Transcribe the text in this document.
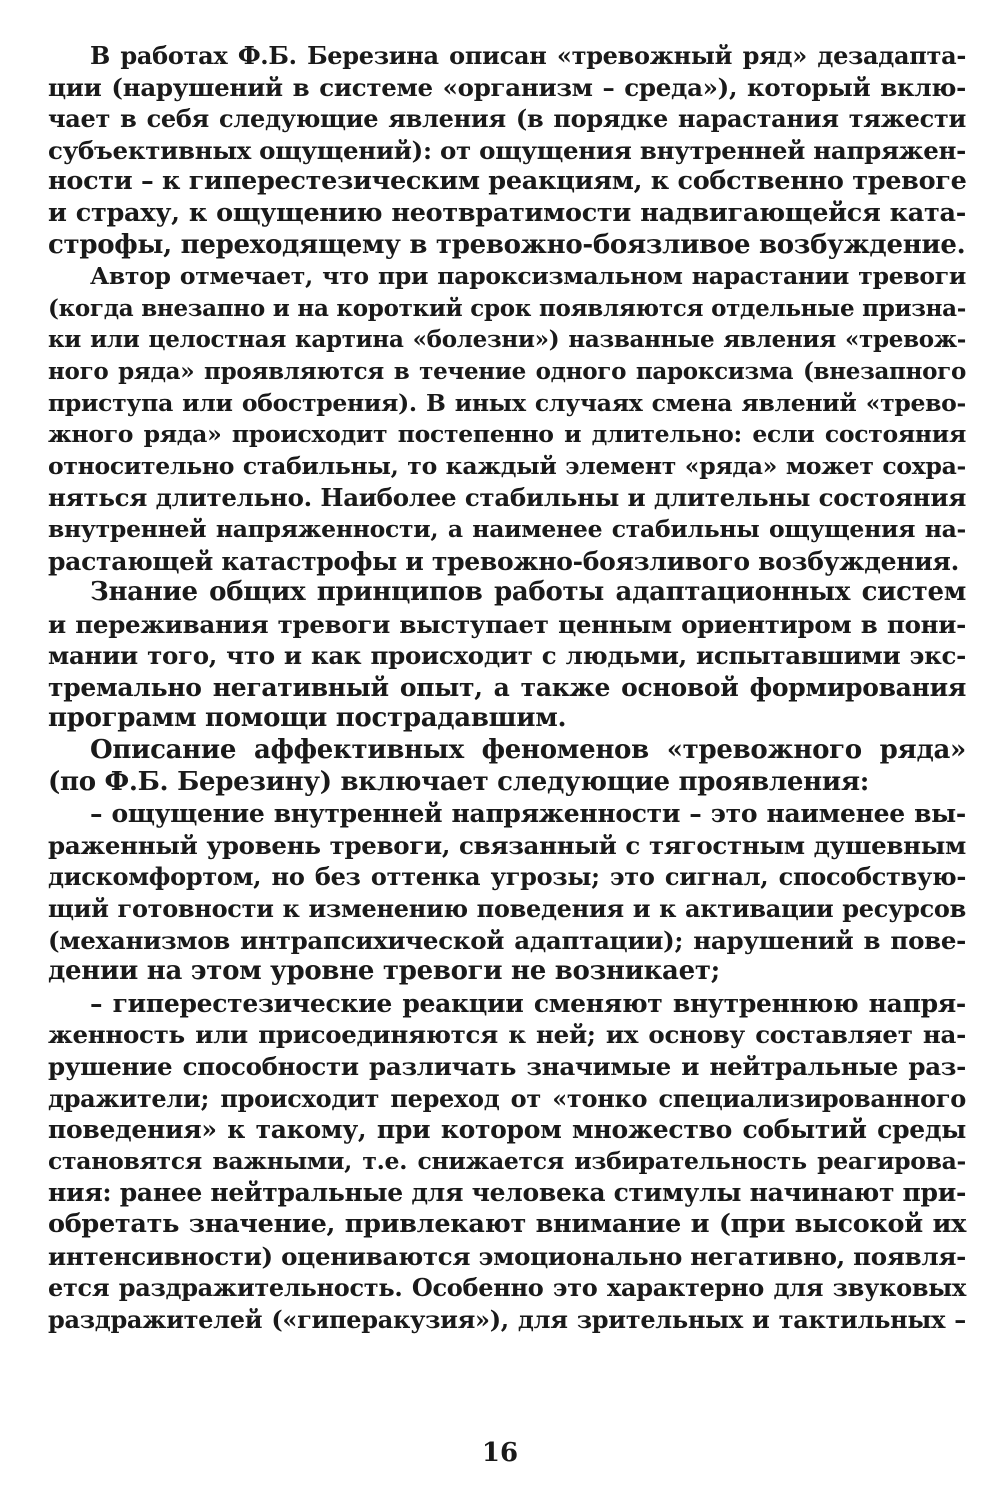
В работах Ф.Б. Березина описан «тревожный ряд» дезадапта-
ции (нарушений в системе «организм – среда»), который вклю-
чает в себя следующие явления (в порядке нарастания тяжести
субъективных ощущений): от ощущения внутренней напряжен-
ности – к гиперестезическим реакциям, к собственно тревоге
и страху, к ощущению неотвратимости надвигающейся ката-
строфы, переходящему в тревожно-боязливое возбуждение.
Автор отмечает, что при пароксизмальном нарастании тревоги
(когда внезапно и на короткий срок появляются отдельные призна-
ки или целостная картина «болезни») названные явления «тревож-
ного ряда» проявляются в течение одного пароксизма (внезапного
приступа или обострения). В иных случаях смена явлений «трево-
жного ряда» происходит постепенно и длительно: если состояния
относительно стабильны, то каждый элемент «ряда» может сохра-
няться длительно. Наиболее стабильны и длительны состояния
внутренней напряженности, а наименее стабильны ощущения на-
растающей катастрофы и тревожно-боязливого возбуждения.
Знание общих принципов работы адаптационных систем
и переживания тревоги выступает ценным ориентиром в пони-
мании того, что и как происходит с людьми, испытавшими экс-
тремально негативный опыт, а также основой формирования
программ помощи пострадавшим.
Описание аффективных феноменов «тревожного ряда»
(по Ф.Б. Березину) включает следующие проявления:
– ощущение внутренней напряженности – это наименее вы-
раженный уровень тревоги, связанный с тягостным душевным
дискомфортом, но без оттенка угрозы; это сигнал, способствую-
щий готовности к изменению поведения и к активации ресурсов
(механизмов интрапсихической адаптации); нарушений в пове-
дении на этом уровне тревоги не возникает;
– гиперестезические реакции сменяют внутреннюю напря-
женность или присоединяются к ней; их основу составляет на-
рушение способности различать значимые и нейтральные раз-
дражители; происходит переход от «тонко специализированного
поведения» к такому, при котором множество событий среды
становятся важными, т.е. снижается избирательность реагирова-
ния: ранее нейтральные для человека стимулы начинают при-
обретать значение, привлекают внимание и (при высокой их
интенсивности) оцениваются эмоционально негативно, появля-
ется раздражительность. Особенно это характерно для звуковых
раздражителей («гиперакузия»), для зрительных и тактильных –
16
